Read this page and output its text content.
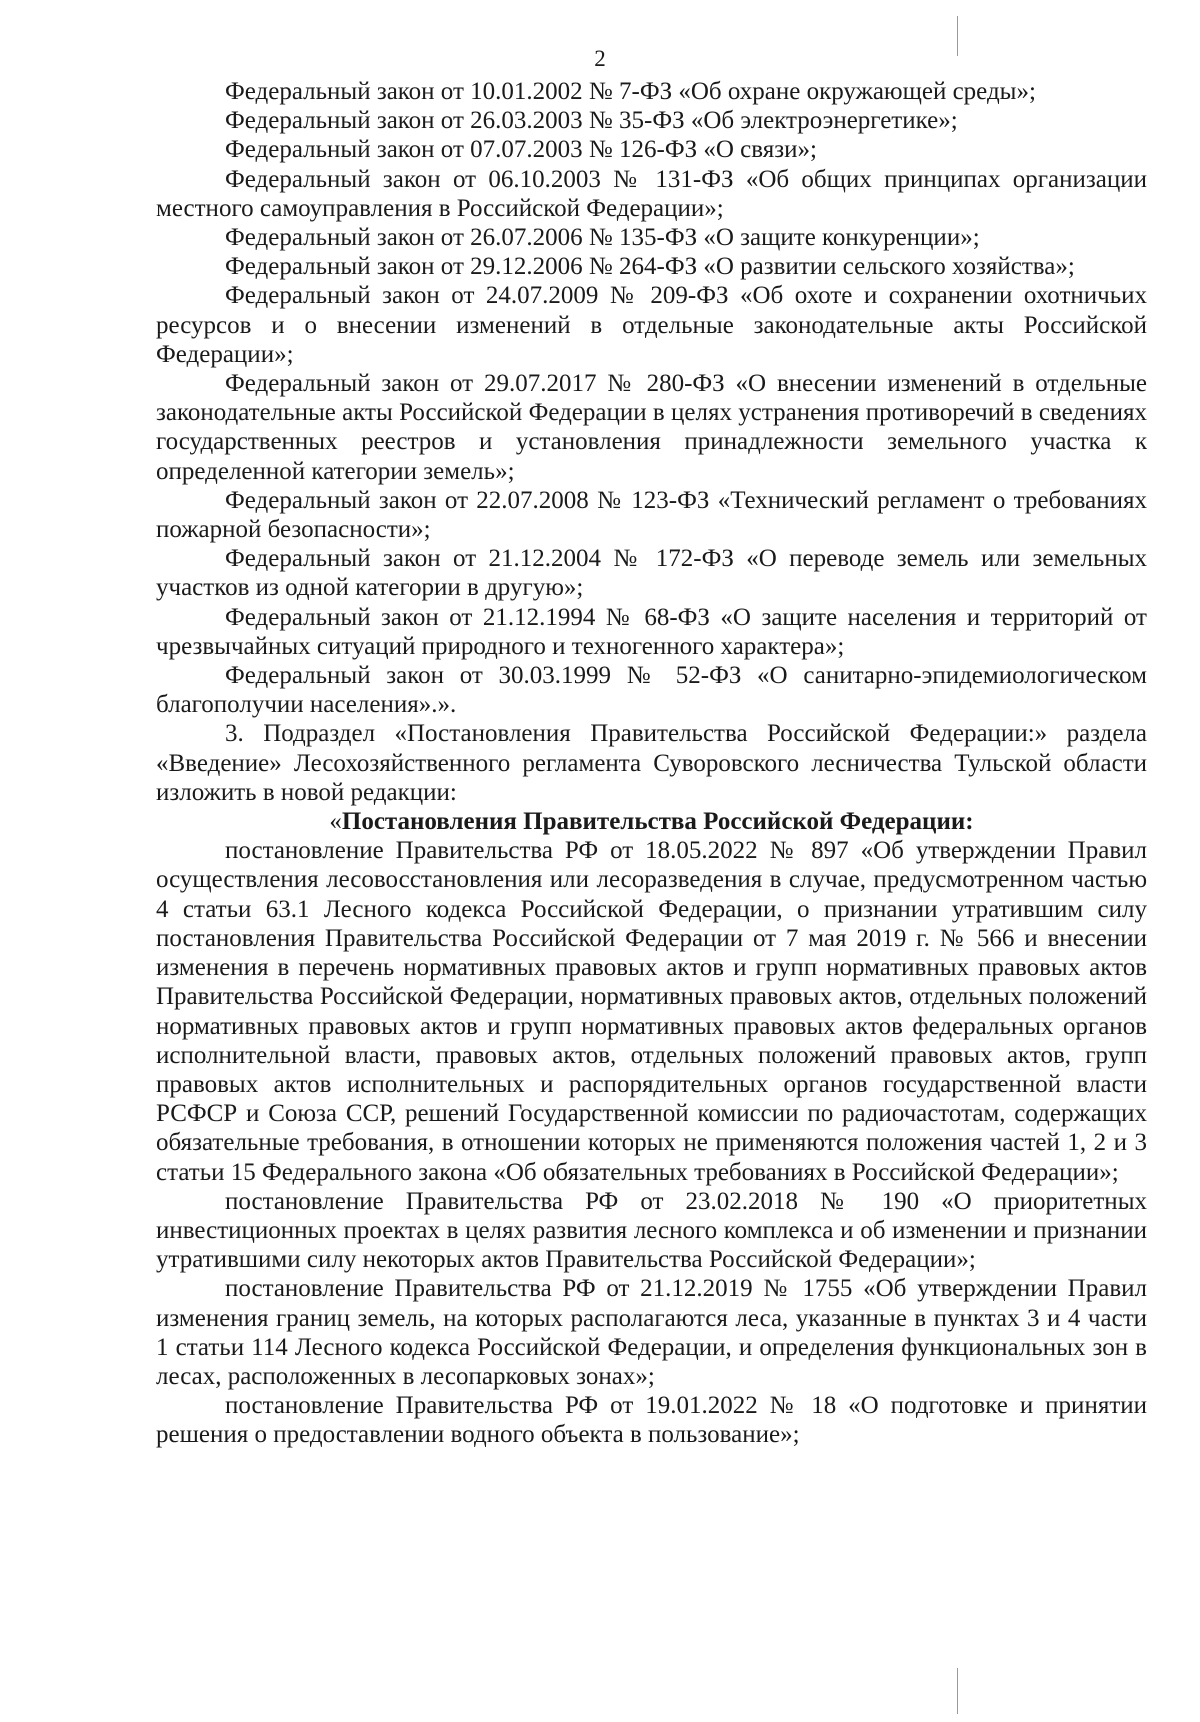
2

Федеральный закон от 10.01.2002 № 7-ФЗ «Об охране окружающей среды»;

Федеральный закон от 26.03.2003 № 35-ФЗ «Об электроэнергетике»;

Федеральный закон от 07.07.2003 № 126-ФЗ «О связи»;

Федеральный закон от 06.10.2003 № 131-ФЗ «Об общих принципах организации местного самоуправления в Российской Федерации»;

Федеральный закон от 26.07.2006 № 135-ФЗ «О защите конкуренции»;

Федеральный закон от 29.12.2006 № 264-ФЗ «О развитии сельского хозяйства»;

Федеральный закон от 24.07.2009 № 209-ФЗ «Об охоте и сохранении охотничьих ресурсов и о внесении изменений в отдельные законодательные акты Российской Федерации»;

Федеральный закон от 29.07.2017 № 280-ФЗ «О внесении изменений в отдельные законодательные акты Российской Федерации в целях устранения противоречий в сведениях государственных реестров и установления принадлежности земельного участка к определенной категории земель»;

Федеральный закон от 22.07.2008 № 123-ФЗ «Технический регламент о требованиях пожарной безопасности»;

Федеральный закон от 21.12.2004 № 172-ФЗ «О переводе земель или земельных участков из одной категории в другую»;

Федеральный закон от 21.12.1994 № 68-ФЗ «О защите населения и территорий от чрезвычайных ситуаций природного и техногенного характера»;

Федеральный закон от 30.03.1999 № 52-ФЗ «О санитарно-эпидемиологическом благополучии населения».».

3. Подраздел «Постановления Правительства Российской Федерации:» раздела «Введение» Лесохозяйственного регламента Суворовского лесничества Тульской области изложить в новой редакции:

«Постановления Правительства Российской Федерации:

постановление Правительства РФ от 18.05.2022 № 897 «Об утверждении Правил осуществления лесовосстановления или лесоразведения в случае, предусмотренном частью 4 статьи 63.1 Лесного кодекса Российской Федерации, о признании утратившим силу постановления Правительства Российской Федерации от 7 мая 2019 г. № 566 и внесении изменения в перечень нормативных правовых актов и групп нормативных правовых актов Правительства Российской Федерации, нормативных правовых актов, отдельных положений нормативных правовых актов и групп нормативных правовых актов федеральных органов исполнительной власти, правовых актов, отдельных положений правовых актов, групп правовых актов исполнительных и распорядительных органов государственной власти РСФСР и Союза ССР, решений Государственной комиссии по радиочастотам, содержащих обязательные требования, в отношении которых не применяются положения частей 1, 2 и 3 статьи 15 Федерального закона «Об обязательных требованиях в Российской Федерации»;

постановление Правительства РФ от 23.02.2018 № 190 «О приоритетных инвестиционных проектах в целях развития лесного комплекса и об изменении и признании утратившими силу некоторых актов Правительства Российской Федерации»;

постановление Правительства РФ от 21.12.2019 № 1755 «Об утверждении Правил изменения границ земель, на которых располагаются леса, указанные в пунктах 3 и 4 части 1 статьи 114 Лесного кодекса Российской Федерации, и определения функциональных зон в лесах, расположенных в лесопарковых зонах»;

постановление Правительства РФ от 19.01.2022 № 18 «О подготовке и принятии решения о предоставлении водного объекта в пользование»;
